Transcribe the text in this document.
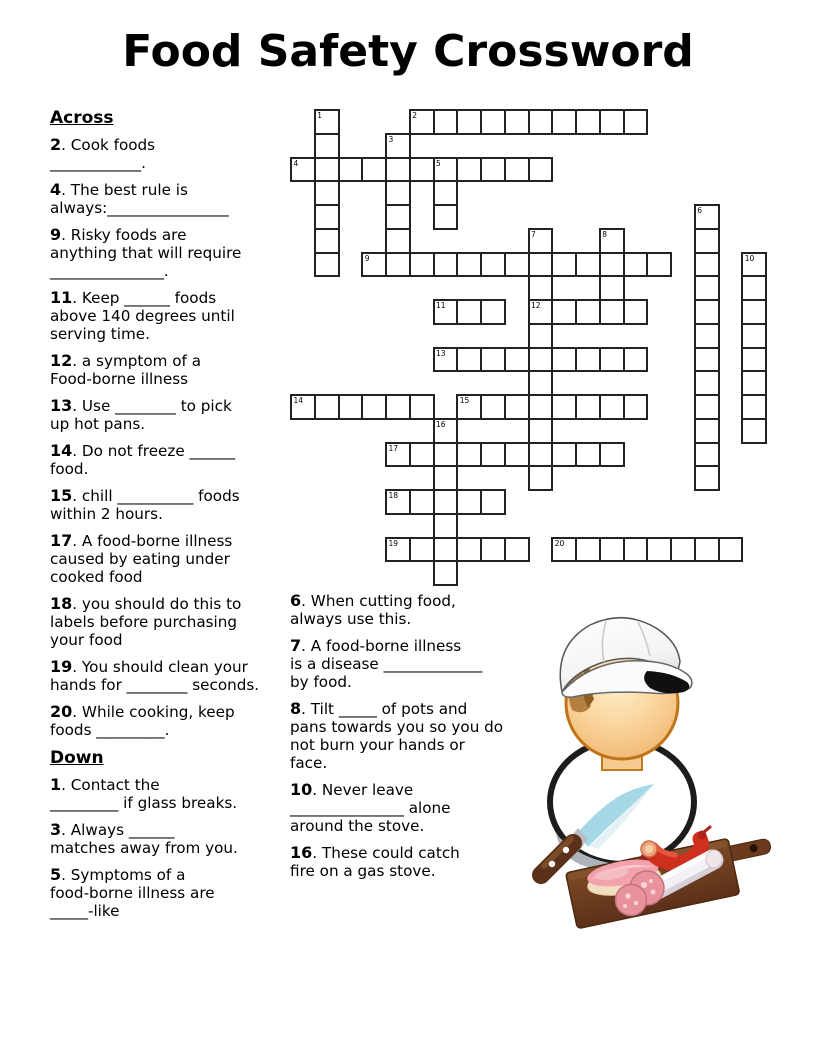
Food Safety Crossword
Across

2. Cook foods
____________.

4. The best rule is
always:________________

9. Risky foods are
anything that will require
_______________.

11. Keep ______ foods
above 140 degrees until
serving time.

12. a symptom of a
Food-borne illness

13. Use ________ to pick
up hot pans.

14. Do not freeze ______
food.

15. chill __________ foods
within 2 hours.

17. A food-borne illness
caused by eating under
cooked food

18. you should do this to
labels before purchasing
your food

19. You should clean your
hands for ________ seconds.

20. While cooking, keep
foods _________.

Down

1. Contact the
_________ if glass breaks.

3. Always ______
matches away from you.

5. Symptoms of a
food-borne illness are
_____-like

6. When cutting food,
always use this.

7. A food-borne illness
is a disease _____________
by food.

8. Tilt _____ of pots and
pans towards you so you do
not burn your hands or
face.

10. Never leave
_______________ alone
around the stove.

16. These could catch
fire on a gas stove.

2
4	5
9
11	12
13
14	15
17
18
19	20
1
3
6
7	8
10
16
